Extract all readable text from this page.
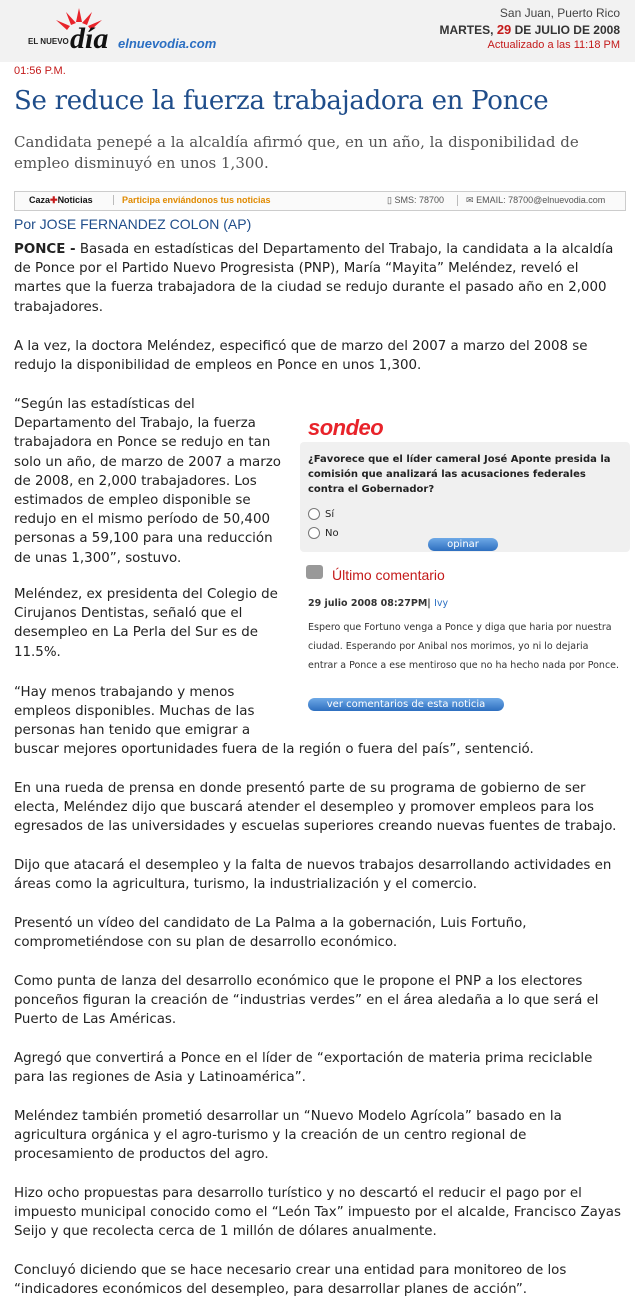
EL NUEVO día elnuevodia.com
San Juan, Puerto Rico
MARTES, 29 DE JULIO DE 2008
Actualizado a las 11:18 PM
01:56 P.M.
Se reduce la fuerza trabajadora en Ponce
Candidata penepé a la alcaldía afirmó que, en un año, la disponibilidad de empleo disminuyó en unos 1,300.
Caza✚Noticias	Participa enviándonos tus noticias	▯ SMS: 78700	✉ EMAIL: 78700@elnuevodia.com
Por JOSE FERNANDEZ COLON (AP)

PONCE - Basada en estadísticas del Departamento del Trabajo, la candidata a la alcaldía de Ponce por el Partido Nuevo Progresista (PNP), María “Mayita” Meléndez, reveló el martes que la fuerza trabajadora de la ciudad se redujo durante el pasado año en 2,000 trabajadores.

A la vez, la doctora Meléndez, especificó que de marzo del 2007 a marzo del 2008 se redujo la disponibilidad de empleos en Ponce en unos 1,300.

“Según las estadísticas del Departamento del Trabajo, la fuerza trabajadora en Ponce se redujo en tan solo un año, de marzo de 2007 a marzo de 2008, en 2,000 trabajadores. Los estimados de empleo disponible se redujo en el mismo período de 50,400 personas a 59,100 para una reducción de unas 1,300”, sostuvo.

Meléndez, ex presidenta del Colegio de Cirujanos Dentistas, señaló que el desempleo en La Perla del Sur es de 11.5%.

“Hay menos trabajando y menos empleos disponibles. Muchas de las personas han tenido que emigrar a

buscar mejores oportunidades fuera de la región o fuera del país”, sentenció.

En una rueda de prensa en donde presentó parte de su programa de gobierno de ser electa, Meléndez dijo que buscará atender el desempleo y promover empleos para los egresados de las universidades y escuelas superiores creando nuevas fuentes de trabajo.

Dijo que atacará el desempleo y la falta de nuevos trabajos desarrollando actividades en áreas como la agricultura, turismo, la industrialización y el comercio.

Presentó un vídeo del candidato de La Palma a la gobernación, Luis Fortuño, comprometiéndose con su plan de desarrollo económico.

Como punta de lanza del desarrollo económico que le propone el PNP a los electores ponceños figuran la creación de “industrias verdes” en el área aledaña a lo que será el Puerto de Las Américas.

Agregó que convertirá a Ponce en el líder de “exportación de materia prima reciclable para las regiones de Asia y Latinoamérica”.

Meléndez también prometió desarrollar un “Nuevo Modelo Agrícola” basado en la agricultura orgánica y el agro-turismo y la creación de un centro regional de procesamiento de productos del agro.

Hizo ocho propuestas para desarrollo turístico y no descartó el reducir el pago por el impuesto municipal conocido como el “León Tax” impuesto por el alcalde, Francisco Zayas Seijo y que recolecta cerca de 1 millón de dólares anualmente.

Concluyó diciendo que se hace necesario crear una entidad para monitoreo de los “indicadores económicos del desempleo, para desarrollar planes de acción”.

sondeo
¿Favorece que el líder cameral José Aponte presida la comisión que analizará las acusaciones federales contra el Gobernador?
Sí
No
opinar
Último comentario
29 julio 2008 08:27PM| Ivy
Espero que Fortuno venga a Ponce y diga que haria por nuestra ciudad. Esperando por Anibal nos morimos, yo ni lo dejaria entrar a Ponce a ese mentiroso que no ha hecho nada por Ponce.
ver comentarios de esta noticia
